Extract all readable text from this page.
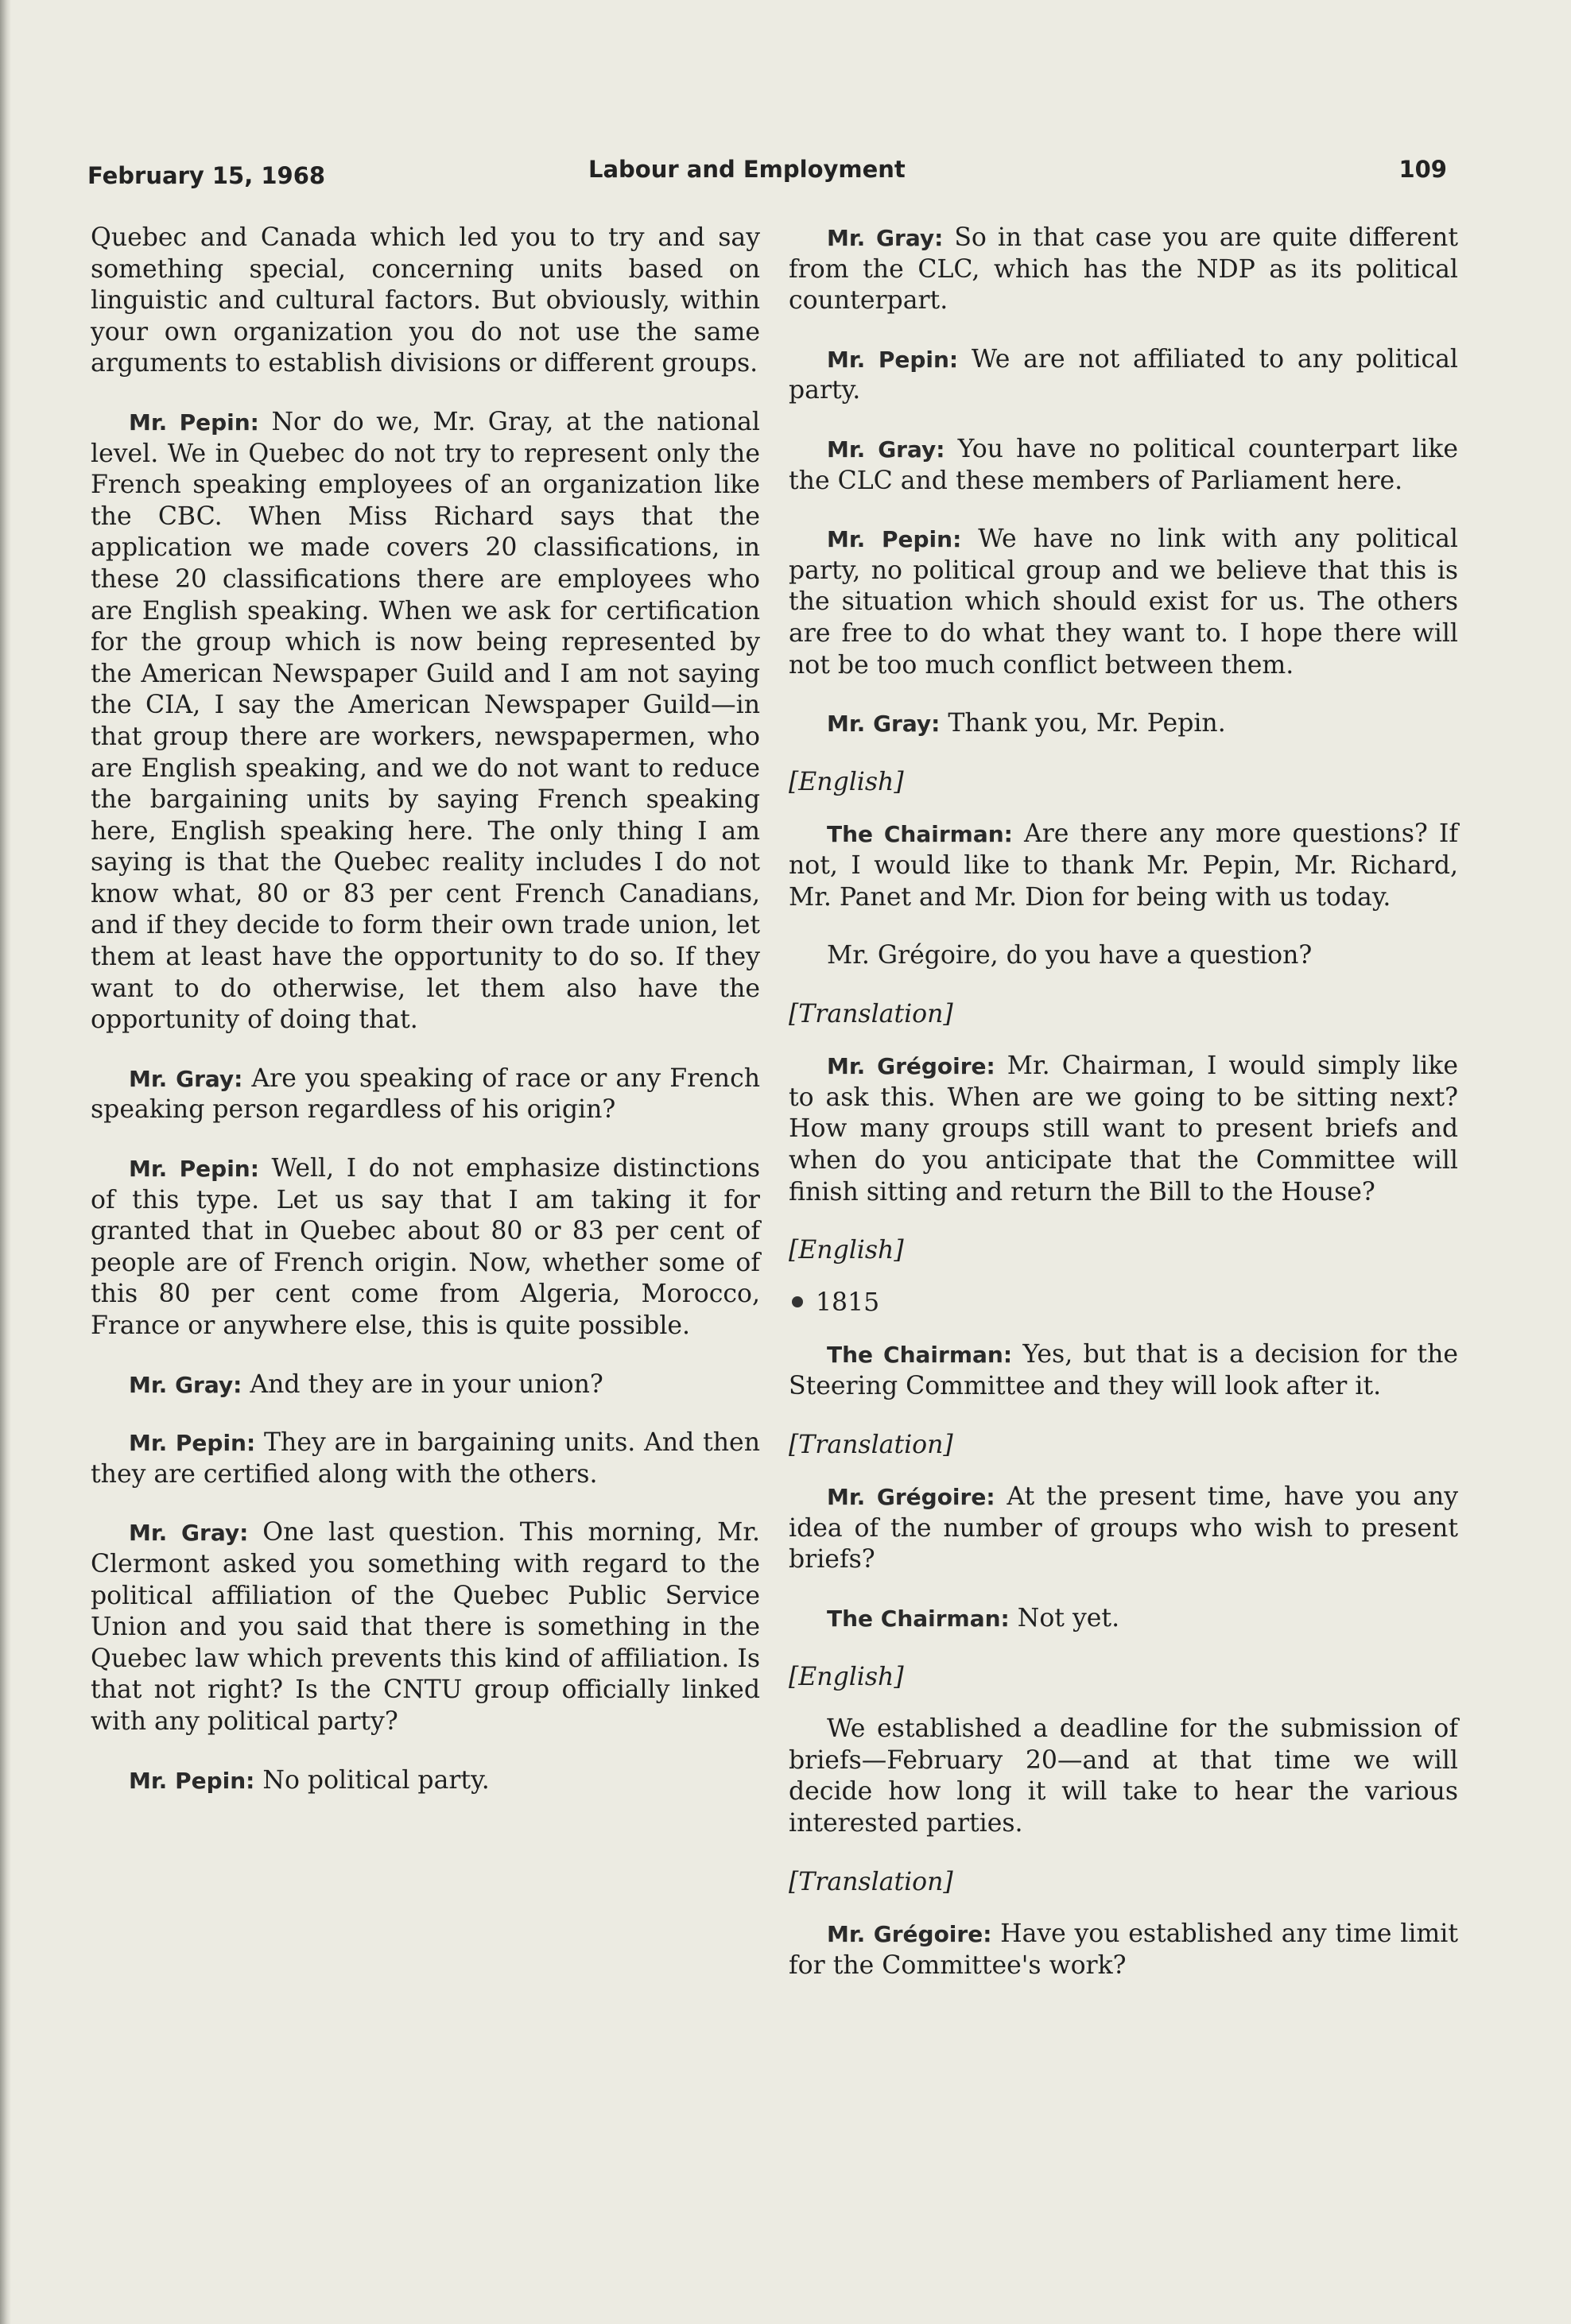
February 15, 1968	Labour and Employment	109

Quebec and Canada which led you to try and say something special, concerning units based on linguistic and cultural factors. But obviously, within your own organization you do not use the same arguments to establish divisions or different groups.

Mr. Pepin: Nor do we, Mr. Gray, at the national level. We in Quebec do not try to represent only the French speaking employees of an organization like the CBC. When Miss Richard says that the application we made covers 20 classifications, in these 20 classifications there are employees who are English speaking. When we ask for certification for the group which is now being represented by the American Newspaper Guild and I am not saying the CIA, I say the American Newspaper Guild—in that group there are workers, newspapermen, who are English speaking, and we do not want to reduce the bargaining units by saying French speaking here, English speaking here. The only thing I am saying is that the Quebec reality includes I do not know what, 80 or 83 per cent French Canadians, and if they decide to form their own trade union, let them at least have the opportunity to do so. If they want to do otherwise, let them also have the opportunity of doing that.

Mr. Gray: Are you speaking of race or any French speaking person regardless of his origin?

Mr. Pepin: Well, I do not emphasize distinctions of this type. Let us say that I am taking it for granted that in Quebec about 80 or 83 per cent of people are of French origin. Now, whether some of this 80 per cent come from Algeria, Morocco, France or anywhere else, this is quite possible.

Mr. Gray: And they are in your union?

Mr. Pepin: They are in bargaining units. And then they are certified along with the others.

Mr. Gray: One last question. This morning, Mr. Clermont asked you something with regard to the political affiliation of the Quebec Public Service Union and you said that there is something in the Quebec law which prevents this kind of affiliation. Is that not right? Is the CNTU group officially linked with any political party?

Mr. Pepin: No political party.

Mr. Gray: So in that case you are quite different from the CLC, which has the NDP as its political counterpart.

Mr. Pepin: We are not affiliated to any political party.

Mr. Gray: You have no political counterpart like the CLC and these members of Parliament here.

Mr. Pepin: We have no link with any political party, no political group and we believe that this is the situation which should exist for us. The others are free to do what they want to. I hope there will not be too much conflict between them.

Mr. Gray: Thank you, Mr. Pepin.

[English]

The Chairman: Are there any more questions? If not, I would like to thank Mr. Pepin, Mr. Richard, Mr. Panet and Mr. Dion for being with us today.

Mr. Grégoire, do you have a question?

[Translation]

Mr. Grégoire: Mr. Chairman, I would simply like to ask this. When are we going to be sitting next? How many groups still want to present briefs and when do you anticipate that the Committee will finish sitting and return the Bill to the House?

[English]

1815

The Chairman: Yes, but that is a decision for the Steering Committee and they will look after it.

[Translation]

Mr. Grégoire: At the present time, have you any idea of the number of groups who wish to present briefs?

The Chairman: Not yet.

[English]

We established a deadline for the submission of briefs—February 20—and at that time we will decide how long it will take to hear the various interested parties.

[Translation]

Mr. Grégoire: Have you established any time limit for the Committee's work?
